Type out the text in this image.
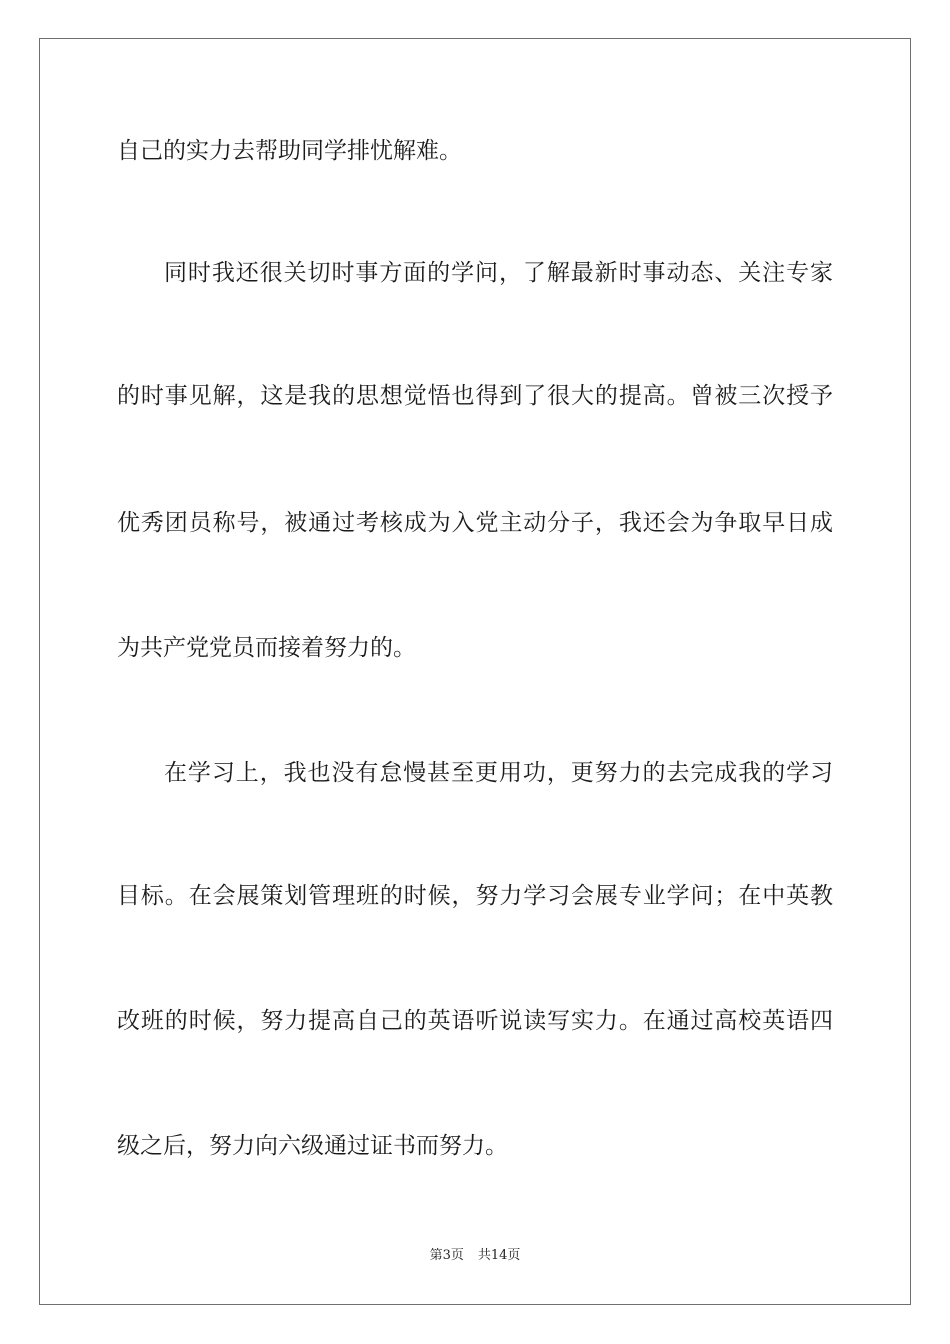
自己的实力去帮助同学排忧解难。
同时我还很关切时事方面的学问，了解最新时事动态、关注专家
的时事见解，这是我的思想觉悟也得到了很大的提高。曾被三次授予
优秀团员称号，被通过考核成为入党主动分子，我还会为争取早日成
为共产党党员而接着努力的。
在学习上，我也没有怠慢甚至更用功，更努力的去完成我的学习
目标。在会展策划管理班的时候，努力学习会展专业学问；在中英教
改班的时候，努力提高自己的英语听说读写实力。在通过高校英语四
级之后，努力向六级通过证书而努力。
第3页 共14页
